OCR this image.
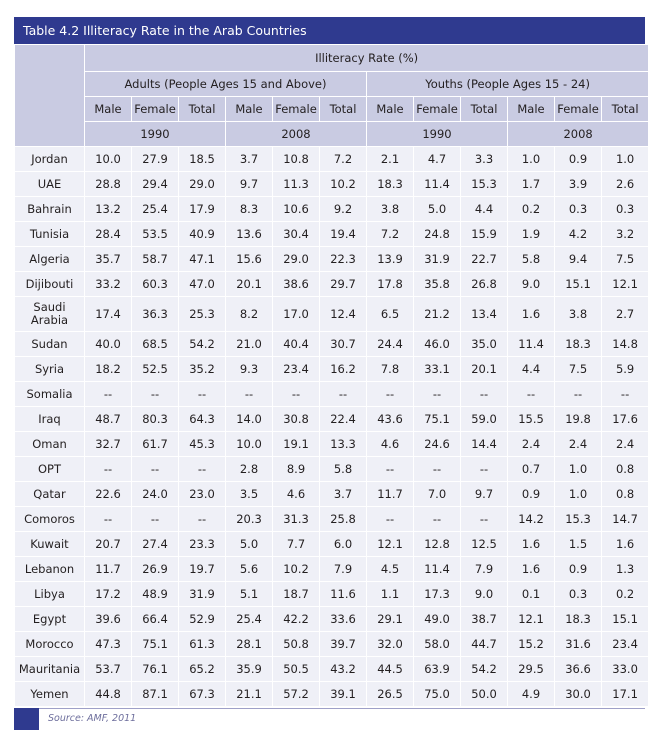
Table 4.2 Illiteracy Rate in the Arab Countries
	Illiteracy Rate (%)											
	Adults (People Ages 15 and Above)						Youths (People Ages 15 - 24)					
	Male	Female	Total	Male	Female	Total	Male	Female	Total	Male	Female	Total
	1990			2008			1990			2008		
Jordan	10.0	27.9	18.5	3.7	10.8	7.2	2.1	4.7	3.3	1.0	0.9	1.0
UAE	28.8	29.4	29.0	9.7	11.3	10.2	18.3	11.4	15.3	1.7	3.9	2.6
Bahrain	13.2	25.4	17.9	8.3	10.6	9.2	3.8	5.0	4.4	0.2	0.3	0.3
Tunisia	28.4	53.5	40.9	13.6	30.4	19.4	7.2	24.8	15.9	1.9	4.2	3.2
Algeria	35.7	58.7	47.1	15.6	29.0	22.3	13.9	31.9	22.7	5.8	9.4	7.5
Dijibouti	33.2	60.3	47.0	20.1	38.6	29.7	17.8	35.8	26.8	9.0	15.1	12.1
Saudi Arabia	17.4	36.3	25.3	8.2	17.0	12.4	6.5	21.2	13.4	1.6	3.8	2.7
Sudan	40.0	68.5	54.2	21.0	40.4	30.7	24.4	46.0	35.0	11.4	18.3	14.8
Syria	18.2	52.5	35.2	9.3	23.4	16.2	7.8	33.1	20.1	4.4	7.5	5.9
Somalia	--	--	--	--	--	--	--	--	--	--	--	--
Iraq	48.7	80.3	64.3	14.0	30.8	22.4	43.6	75.1	59.0	15.5	19.8	17.6
Oman	32.7	61.7	45.3	10.0	19.1	13.3	4.6	24.6	14.4	2.4	2.4	2.4
OPT	--	--	--	2.8	8.9	5.8	--	--	--	0.7	1.0	0.8
Qatar	22.6	24.0	23.0	3.5	4.6	3.7	11.7	7.0	9.7	0.9	1.0	0.8
Comoros	--	--	--	20.3	31.3	25.8	--	--	--	14.2	15.3	14.7
Kuwait	20.7	27.4	23.3	5.0	7.7	6.0	12.1	12.8	12.5	1.6	1.5	1.6
Lebanon	11.7	26.9	19.7	5.6	10.2	7.9	4.5	11.4	7.9	1.6	0.9	1.3
Libya	17.2	48.9	31.9	5.1	18.7	11.6	1.1	17.3	9.0	0.1	0.3	0.2
Egypt	39.6	66.4	52.9	25.4	42.2	33.6	29.1	49.0	38.7	12.1	18.3	15.1
Morocco	47.3	75.1	61.3	28.1	50.8	39.7	32.0	58.0	44.7	15.2	31.6	23.4
Mauritania	53.7	76.1	65.2	35.9	50.5	43.2	44.5	63.9	54.2	29.5	36.6	33.0
Yemen	44.8	87.1	67.3	21.1	57.2	39.1	26.5	75.0	50.0	4.9	30.0	17.1
Source: AMF, 2011
